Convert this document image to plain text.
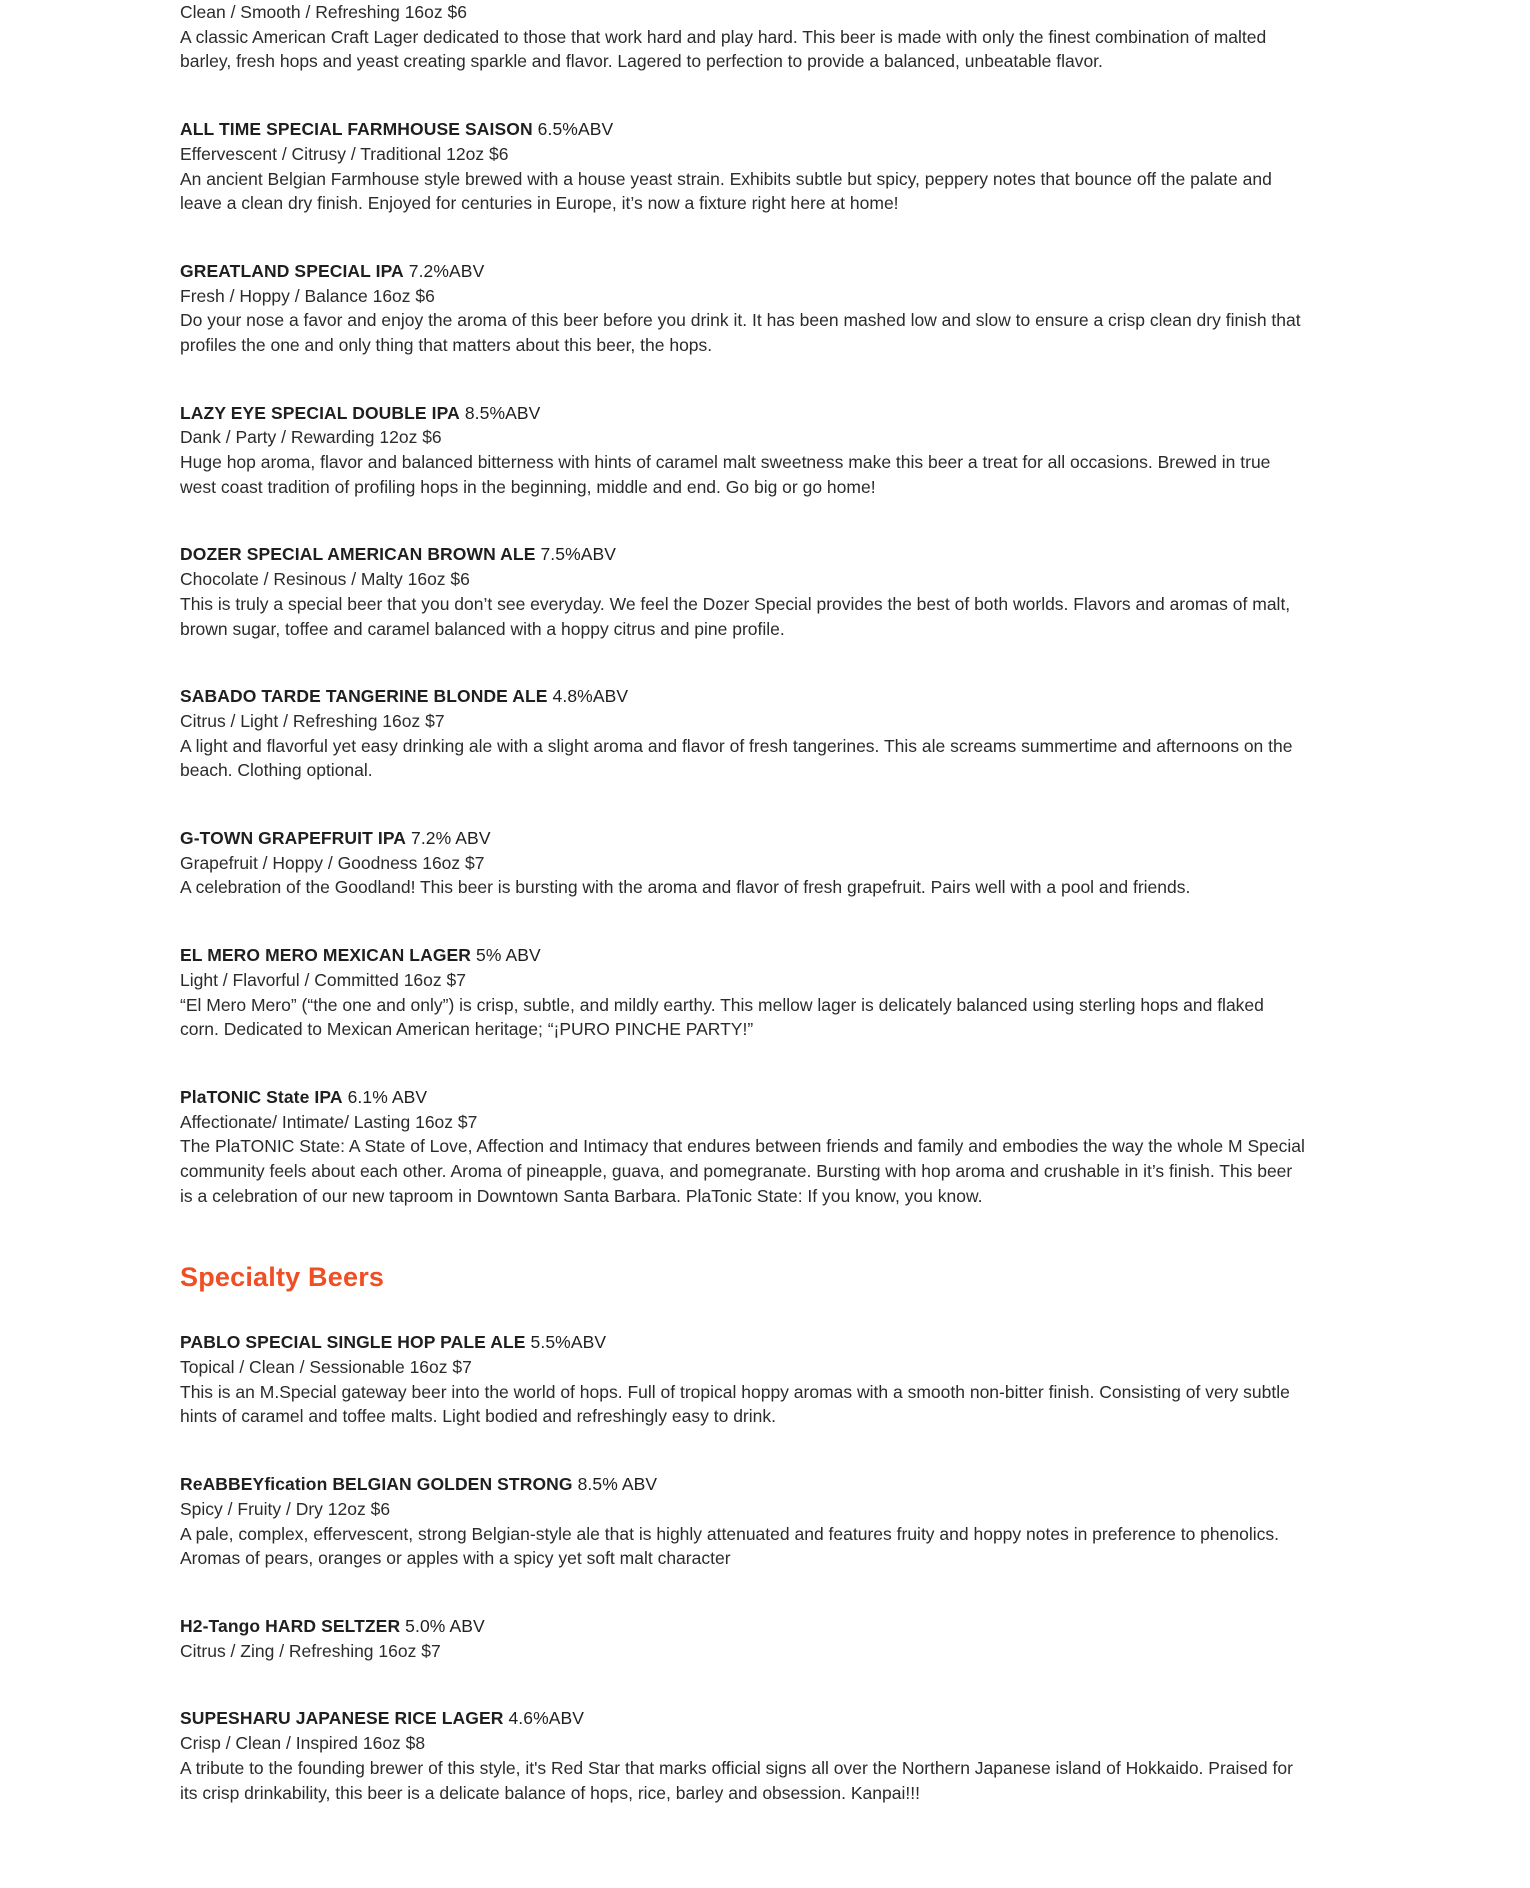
Clean / Smooth / Refreshing 16oz $6

A classic American Craft Lager dedicated to those that work hard and play hard. This beer is made with only the finest combination of malted barley, fresh hops and yeast creating sparkle and flavor. Lagered to perfection to provide a balanced, unbeatable flavor.

ALL TIME SPECIAL FARMHOUSE SAISON 6.5%ABV

Effervescent / Citrusy / Traditional 12oz $6

An ancient Belgian Farmhouse style brewed with a house yeast strain. Exhibits subtle but spicy, peppery notes that bounce off the palate and leave a clean dry finish. Enjoyed for centuries in Europe, it’s now a fixture right here at home!

GREATLAND SPECIAL IPA 7.2%ABV

Fresh / Hoppy / Balance 16oz $6

Do your nose a favor and enjoy the aroma of this beer before you drink it. It has been mashed low and slow to ensure a crisp clean dry finish that profiles the one and only thing that matters about this beer, the hops.

LAZY EYE SPECIAL DOUBLE IPA 8.5%ABV

Dank / Party / Rewarding 12oz $6

Huge hop aroma, flavor and balanced bitterness with hints of caramel malt sweetness make this beer a treat for all occasions. Brewed in true west coast tradition of profiling hops in the beginning, middle and end. Go big or go home!

DOZER SPECIAL AMERICAN BROWN ALE 7.5%ABV

Chocolate / Resinous / Malty 16oz $6

This is truly a special beer that you don’t see everyday. We feel the Dozer Special provides the best of both worlds. Flavors and aromas of malt, brown sugar, toffee and caramel balanced with a hoppy citrus and pine profile.

SABADO TARDE TANGERINE BLONDE ALE 4.8%ABV

Citrus / Light / Refreshing 16oz $7

A light and flavorful yet easy drinking ale with a slight aroma and flavor of fresh tangerines. This ale screams summertime and afternoons on the beach. Clothing optional.

G-TOWN GRAPEFRUIT IPA 7.2% ABV

Grapefruit / Hoppy / Goodness 16oz $7

A celebration of the Goodland! This beer is bursting with the aroma and flavor of fresh grapefruit. Pairs well with a pool and friends.

EL MERO MERO MEXICAN LAGER 5% ABV

Light / Flavorful / Committed 16oz $7

“El Mero Mero” (“the one and only”) is crisp, subtle, and mildly earthy. This mellow lager is delicately balanced using sterling hops and flaked corn. Dedicated to Mexican American heritage; “¡PURO PINCHE PARTY!”

PlaTONIC State IPA 6.1% ABV

Affectionate/ Intimate/ Lasting 16oz $7

The PlaTONIC State: A State of Love, Affection and Intimacy that endures between friends and family and embodies the way the whole M Special community feels about each other. Aroma of pineapple, guava, and pomegranate. Bursting with hop aroma and crushable in it’s finish. This beer is a celebration of our new taproom in Downtown Santa Barbara. PlaTonic State: If you know, you know.

Specialty Beers

PABLO SPECIAL SINGLE HOP PALE ALE 5.5%ABV

Topical / Clean / Sessionable 16oz $7

This is an M.Special gateway beer into the world of hops. Full of tropical hoppy aromas with a smooth non-bitter finish. Consisting of very subtle hints of caramel and toffee malts. Light bodied and refreshingly easy to drink.

ReABBEYfication BELGIAN GOLDEN STRONG 8.5% ABV

Spicy / Fruity / Dry 12oz $6

A pale, complex, effervescent, strong Belgian-style ale that is highly attenuated and features fruity and hoppy notes in preference to phenolics. Aromas of pears, oranges or apples with a spicy yet soft malt character

H2-Tango HARD SELTZER 5.0% ABV

Citrus / Zing / Refreshing 16oz $7

SUPESHARU JAPANESE RICE LAGER 4.6%ABV

Crisp / Clean / Inspired 16oz $8

A tribute to the founding brewer of this style, it's Red Star that marks official signs all over the Northern Japanese island of Hokkaido. Praised for its crisp drinkability, this beer is a delicate balance of hops, rice, barley and obsession. Kanpai!!!
